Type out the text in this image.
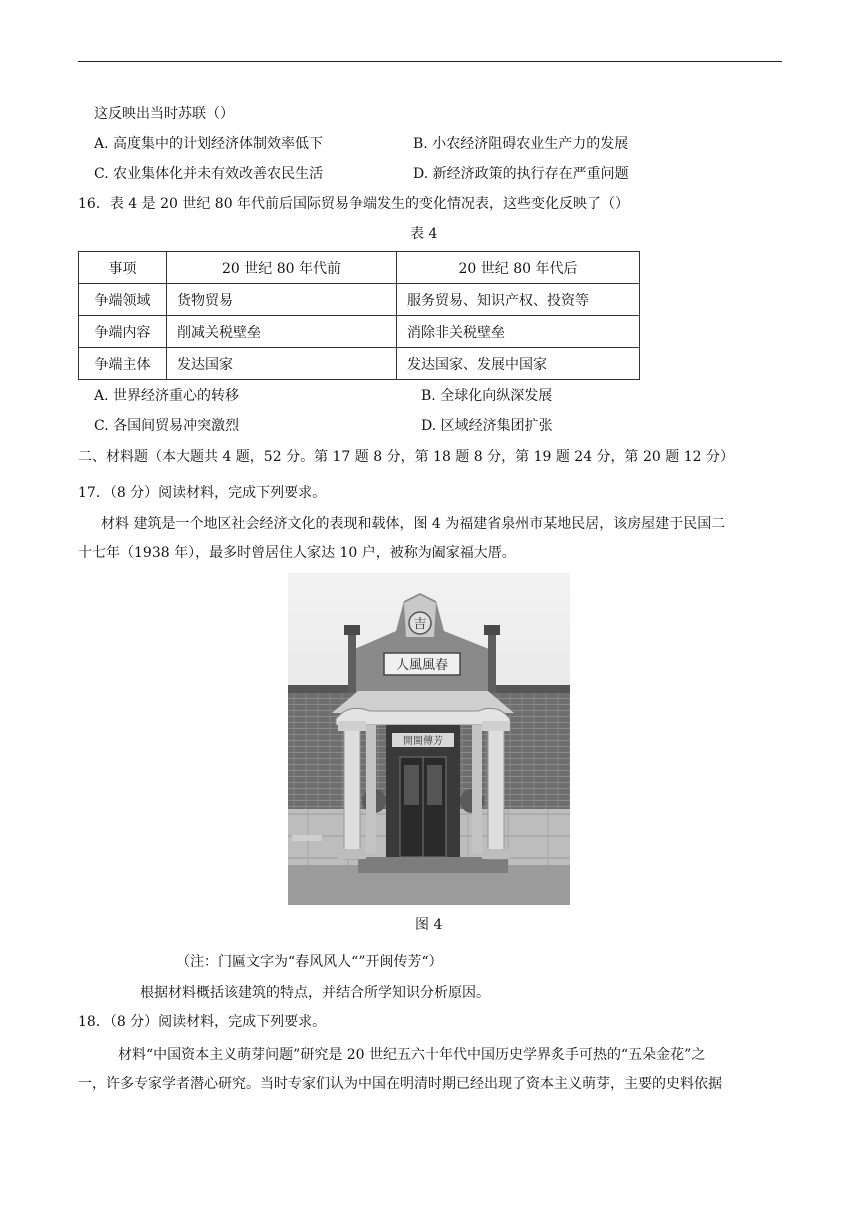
这反映出当时苏联（）
A. 高度集中的计划经济体制效率低下	B. 小农经济阻碍农业生产力的发展
C. 农业集体化并未有效改善农民生活	D. 新经济政策的执行存在严重问题
16．表 4 是 20 世纪 80 年代前后国际贸易争端发生的变化情况表，这些变化反映了（）
表 4
事项	20 世纪 80 年代前	20 世纪 80 年代后
争端领域	货物贸易	服务贸易、知识产权、投资等
争端内容	削减关税壁垒	消除非关税壁垒
争端主体	发达国家	发达国家、发展中国家
A. 世界经济重心的转移	B. 全球化向纵深发展
C. 各国间贸易冲突激烈	D. 区域经济集团扩张
二、材料题（本大题共 4 题，52 分。第 17 题 8 分，第 18 题 8 分，第 19 题 24 分，第 20 题 12 分）
17．（8 分）阅读材料，完成下列要求。
材料 建筑是一个地区社会经济文化的表现和载体，图 4 为福建省泉州市某地民居，该房屋建于民国二
十七年（1938 年），最多时曾居住人家达 10 户，被称为阖家福大厝。
吉
人風風春
開閩傳芳
图 4
（注：门匾文字为“春风风人“”开闽传芳“）
根据材料概括该建筑的特点，并结合所学知识分析原因。
18．（8 分）阅读材料，完成下列要求。
材料“中国资本主义萌芽问题”研究是 20 世纪五六十年代中国历史学界炙手可热的“五朵金花”之
一，许多专家学者潜心研究。当时专家们认为中国在明清时期已经出现了资本主义萌芽，主要的史料依据
